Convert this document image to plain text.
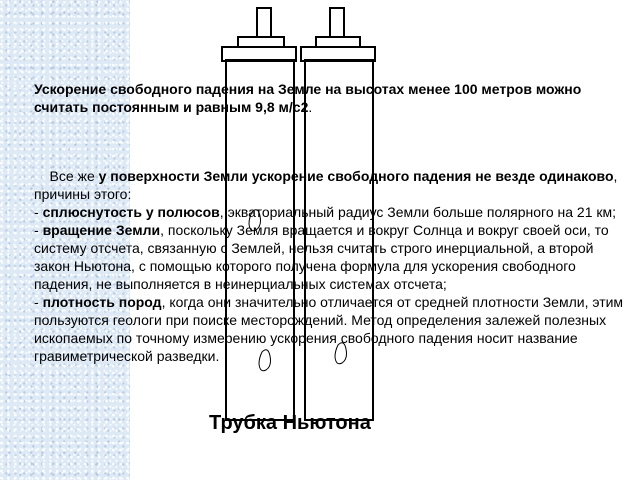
Ускорение свободного падения на Земле на высотах менее 100 метров можно считать постоянным и равным 9,8 м/с2.
Все же у поверхности Земли ускорение свободного падения не везде одинаково, причины этого:
- сплюснутость у полюсов, экваториальный радиус Земли больше полярного на 21 км;
- вращение Земли, поскольку Земля вращается и вокруг Солнца и вокруг своей оси, то систему отсчета, связанную с Землей, нельзя считать строго инерциальной, а второй закон Ньютона, с помощью которого получена формула для ускорения свободного падения, не выполняется в неинерциальных системах отсчета;
- плотность пород, когда они значительно отличается от средней плотности Земли, этим пользуются геологи при поиске месторождений. Метод определения залежей полезных ископаемых по точному измерению ускорения свободного падения носит название гравиметрической разведки.
Трубка Ньютона
